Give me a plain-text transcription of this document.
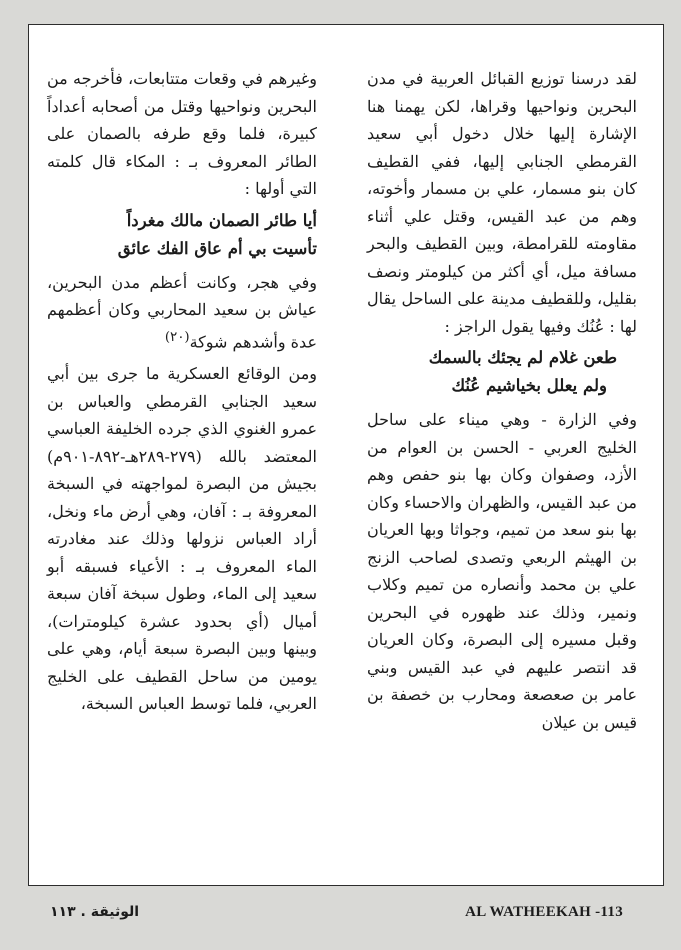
لقد درسنا توزيع القبائل العربية في مدن البحرين ونواحيها وقراها، لكن يهمنا هنا الإشارة إليها خلال دخول أبي سعيد القرمطي الجنابي إليها، ففي القطيف كان بنو مسمار، علي بن مسمار وأخوته، وهم من عبد القيس، وقتل علي أثناء مقاومته للقرامطة، وبين القطيف والبحر مسافة ميل، أي أكثر من كيلومتر ونصف بقليل، وللقطيف مدينة على الساحل يقال لها : عُنُك وفيها يقول الراجز :

طعن غلام لم يجئك بالسمك
ولم يعلل بخياشيم عُنُك

وفي الزارة - وهي ميناء على ساحل الخليج العربي - الحسن بن العوام من الأزد، وصفوان وكان بها بنو حفص وهم من عبد القيس، والظهران والاحساء وكان بها بنو سعد من تميم، وجواثا وبها العريان بن الهيثم الربعي وتصدى لصاحب الزنج علي بن محمد وأنصاره من تميم وكلاب ونمير، وذلك عند ظهوره في البحرين وقبل مسيره إلى البصرة، وكان العريان قد انتصر عليهم في عبد القيس وبني عامر بن صعصعة ومحارب بن خصفة بن قيس بن عيلان

وغيرهم في وقعات متتابعات، فأخرجه من البحرين ونواحيها وقتل من أصحابه أعداداً كبيرة، فلما وقع طرفه بالصمان على الطائر المعروف بـ : المكاء قال كلمته التي أولها :

أيا طائر الصمان مالك مغرداً
تأسيت بي أم عاق الفك عائق

وفي هجر، وكانت أعظم مدن البحرين، عياش بن سعيد المحاربي وكان أعظمهم عدة وأشدهم شوكة$^{(٢٠)}$

ومن الوقائع العسكرية ما جرى بين أبي سعيد الجنابي القرمطي والعباس بن عمرو الغنوي الذي جرده الخليفة العباسي المعتضد بالله (٢٧٩-٢٨٩هـ-٨٩٢-٩٠١م) بجيش من البصرة لمواجهته في السبخة المعروفة بـ : آفان، وهي أرض ماء ونخل، أراد العباس نزولها وذلك عند مغادرته الماء المعروف بـ : الأعياء فسبقه أبو سعيد إلى الماء، وطول سبخة آفان سبعة أميال (أي بحدود عشرة كيلومترات)، وبينها وبين البصرة سبعة أيام، وهي على يومين من ساحل القطيف على الخليج العربي، فلما توسط العباس السبخة،

الوثيقة . ١١٣	AL WATHEEKAH -113
